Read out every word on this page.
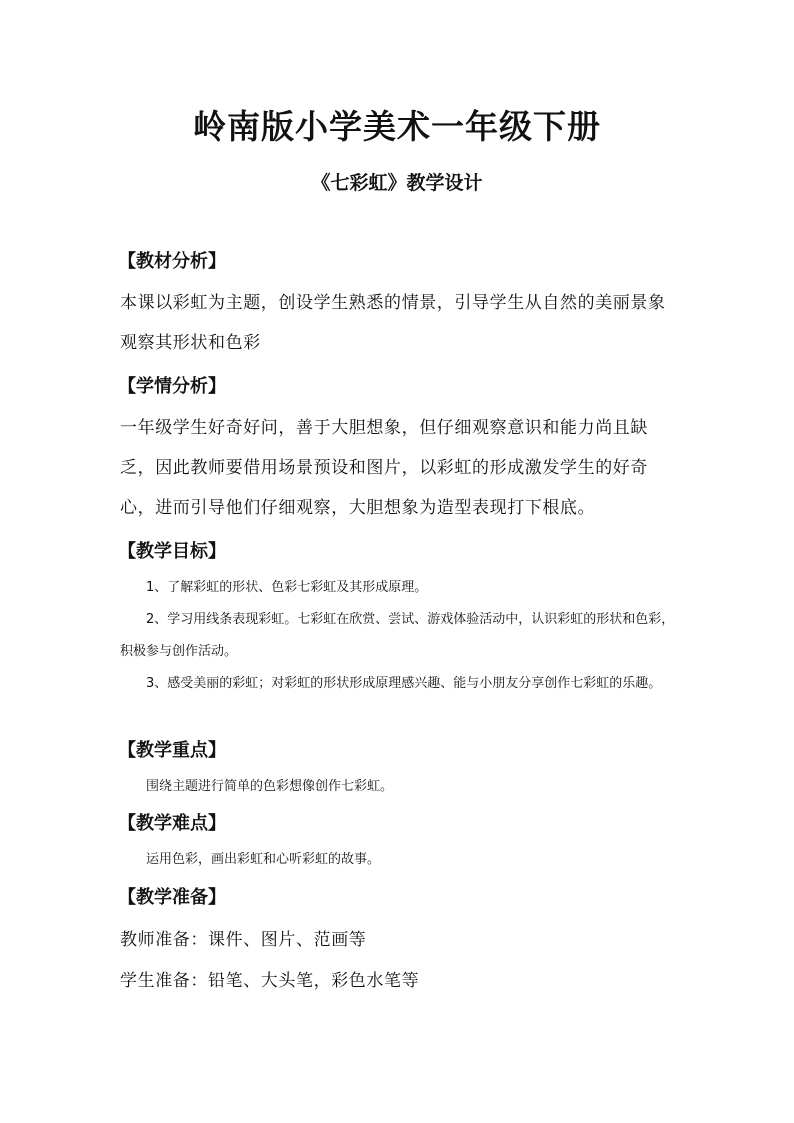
岭南版小学美术一年级下册
《七彩虹》教学设计
【教材分析】
本课以彩虹为主题，创设学生熟悉的情景，引导学生从自然的美丽景象观察其形状和色彩
【学情分析】
一年级学生好奇好问，善于大胆想象，但仔细观察意识和能力尚且缺乏，因此教师要借用场景预设和图片，以彩虹的形成激发学生的好奇心，进而引导他们仔细观察，大胆想象为造型表现打下根底。
【教学目标】
1、了解彩虹的形状、色彩七彩虹及其形成原理。
2、学习用线条表现彩虹。七彩虹在欣赏、尝试、游戏体验活动中，认识彩虹的形状和色彩，积极参与创作活动。
3、感受美丽的彩虹；对彩虹的形状形成原理感兴趣、能与小朋友分享创作七彩虹的乐趣。
【教学重点】
围绕主题进行简单的色彩想像创作七彩虹。
【教学难点】
运用色彩，画出彩虹和心听彩虹的故事。
【教学准备】
教师准备：课件、图片、范画等
学生准备：铅笔、大头笔，彩色水笔等
